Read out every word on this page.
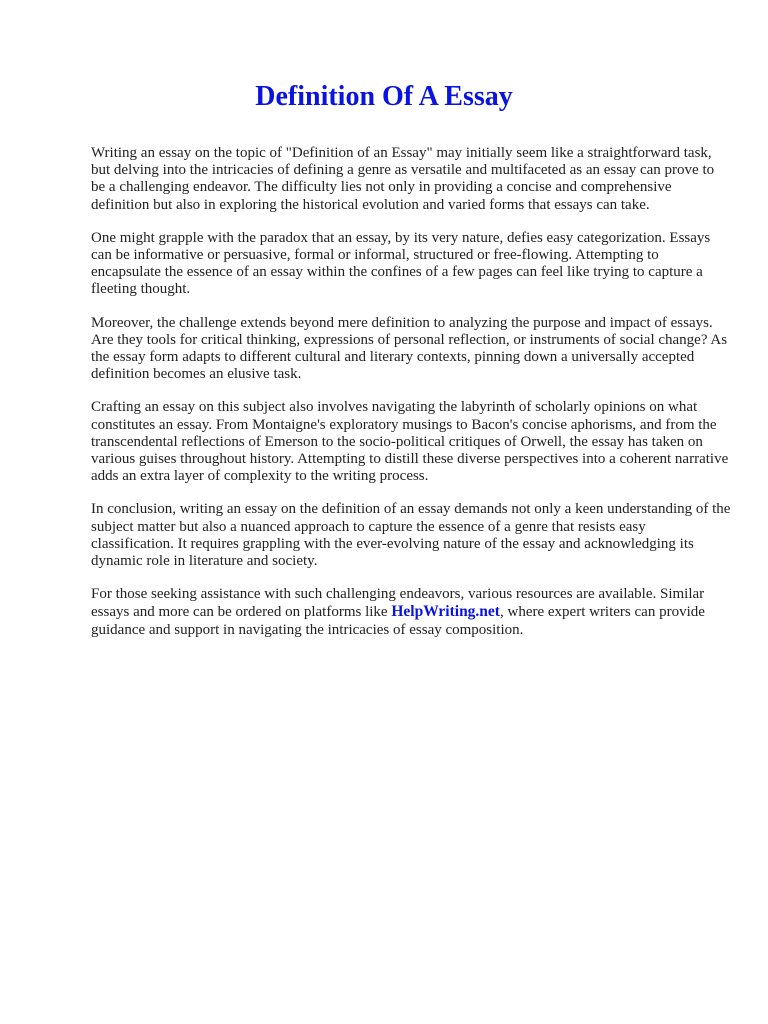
Definition Of A Essay

Writing an essay on the topic of "Definition of an Essay" may initially seem like a straightforward task, but delving into the intricacies of defining a genre as versatile and multifaceted as an essay can prove to be a challenging endeavor. The difficulty lies not only in providing a concise and comprehensive definition but also in exploring the historical evolution and varied forms that essays can take.

One might grapple with the paradox that an essay, by its very nature, defies easy categorization. Essays can be informative or persuasive, formal or informal, structured or free-flowing. Attempting to encapsulate the essence of an essay within the confines of a few pages can feel like trying to capture a fleeting thought.

Moreover, the challenge extends beyond mere definition to analyzing the purpose and impact of essays. Are they tools for critical thinking, expressions of personal reflection, or instruments of social change? As the essay form adapts to different cultural and literary contexts, pinning down a universally accepted definition becomes an elusive task.

Crafting an essay on this subject also involves navigating the labyrinth of scholarly opinions on what constitutes an essay. From Montaigne's exploratory musings to Bacon's concise aphorisms, and from the transcendental reflections of Emerson to the socio-political critiques of Orwell, the essay has taken on various guises throughout history. Attempting to distill these diverse perspectives into a coherent narrative adds an extra layer of complexity to the writing process.

In conclusion, writing an essay on the definition of an essay demands not only a keen understanding of the subject matter but also a nuanced approach to capture the essence of a genre that resists easy classification. It requires grappling with the ever-evolving nature of the essay and acknowledging its dynamic role in literature and society.

For those seeking assistance with such challenging endeavors, various resources are available. Similar essays and more can be ordered on platforms like HelpWriting.net, where expert writers can provide guidance and support in navigating the intricacies of essay composition.
